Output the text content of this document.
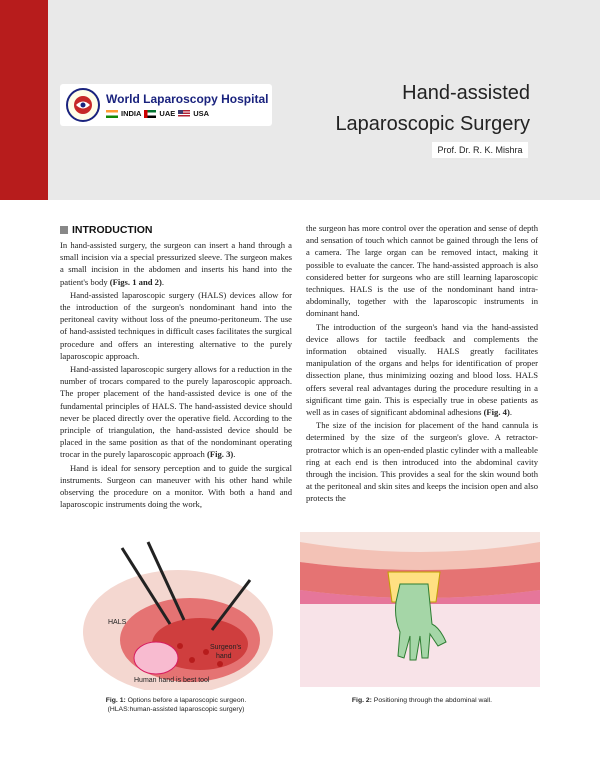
World Laparoscopy Hospital
INDIA UAE USA
Hand-assisted
Laparoscopic Surgery
Prof. Dr. R. K. Mishra
INTRODUCTION

In hand-assisted surgery, the surgeon can insert a hand through a small incision via a special pressurized sleeve. The surgeon makes a small incision in the abdomen and inserts his hand into the patient's body (Figs. 1 and 2).

Hand-assisted laparoscopic surgery (HALS) devices allow for the introduction of the surgeon's nondominant hand into the peritoneal cavity without loss of the pneumo-peritoneum. The use of hand-assisted techniques in difficult cases facilitates the surgical procedure and offers an interesting alternative to the purely laparoscopic approach.

Hand-assisted laparoscopic surgery allows for a reduction in the number of trocars compared to the purely laparoscopic approach. The proper placement of the hand-assisted device is one of the fundamental principles of HALS. The hand-assisted device should never be placed directly over the operative field. According to the principle of triangulation, the hand-assisted device should be placed in the same position as that of the nondominant operating trocar in the purely laparoscopic approach (Fig. 3).

Hand is ideal for sensory perception and to guide the surgical instruments. Surgeon can maneuver with his other hand while observing the procedure on a monitor. With both a hand and laparoscopic instruments doing the work,

the surgeon has more control over the operation and sense of depth and sensation of touch which cannot be gained through the lens of a camera. The large organ can be removed intact, making it possible to evaluate the cancer. The hand-assisted approach is also considered better for surgeons who are still learning laparoscopic techniques. HALS is the use of the nondominant hand intra-abdominally, together with the laparoscopic instruments in dominant hand.

The introduction of the surgeon's hand via the hand-assisted device allows for tactile feedback and complements the information obtained visually. HALS greatly facilitates manipulation of the organs and helps for identification of proper dissection plane, thus minimizing oozing and blood loss. HALS offers several real advantages during the procedure resulting in a significant time gain. This is especially true in obese patients as well as in cases of significant abdominal adhesions (Fig. 4).

The size of the incision for placement of the hand cannula is determined by the size of the surgeon's glove. A retractor-protractor which is an open-ended plastic cylinder with a malleable ring at each end is then introduced into the abdominal cavity through the incision. This provides a seal for the skin wound both at the peritoneal and skin sites and keeps the incision open and also protects the

HALS
Surgeon's
hand
Human hand is best tool
Fig. 1: Options before a laparoscopic surgeon.
(HLAS:human-assisted laparoscopic surgery)
Fig. 2: Positioning through the abdominal wall.
